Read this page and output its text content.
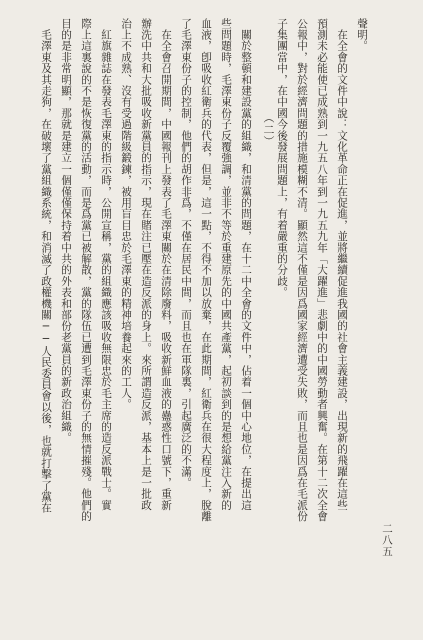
聲明。
　在全會的文件中說：文化革命正在促進，並將繼續促進我國的社會主義建設，出現新的飛躍在這些
預測未必能使已成熟到一九五八年到一九五九年「大躍進」悲劇中的中國勞動者興奮。在第十二次全會
公報中，對於經濟問題的措施模糊不清。顯然這不僅是因爲國家經濟遭受失敗，而且也是因爲在毛派份
子集團當中，在中國今後發展問題上，有着嚴重的分歧。
（二）
　關於整頓和建設黨的組織，和清黨的問題，在十二中全會的文件中，佔着一個中心地位，在提出這
些問題時，毛澤東份子反覆強調，並非不等於重建原先的中國共產黨，起初談到的是想給黨注入新的
血液，卽吸收紅衛兵的代表，但是，這一點，不得不加以放棄，在此期間，紅衛兵在很大程度上，脫離
了毛澤東份子的控制，他們的胡作非爲，不僅在居民中間，而且也在軍隊裏，引起廣泛的不滿。
　在全會召開期間，中國報刊上發表了毛澤東關於在清除廢料，吸收新鮮血液的蠱惑性口號下，重新
辦洗中共和大批吸收新黨員的指示，現在賭注已壓在造反派的身上。來所謂造反派，基本上是一批政
治上不成熟、沒有受過階級鍛鍊，被用盲目忠於毛澤東的精神培養起來的工人。
　紅旗雜誌在發表毛澤東的指示時，公開宣稱，黨的組織應該吸收無限忠於毛主席的造反派戰士。實
際上這裏說的不是恢復黨的活動，而是爲黨已被解散，黨的隊伍已遭到毛澤東份子的無情摧殘。他們的
目的是非常明顯，那就是建立一個僅僅保持着中共的外表和部份老黨員的新政治組織。
　毛澤東及其走狗，在破壞了黨組織系統，和消滅了政權機關──人民委員會以後，也就打擊了黨在
二八五
